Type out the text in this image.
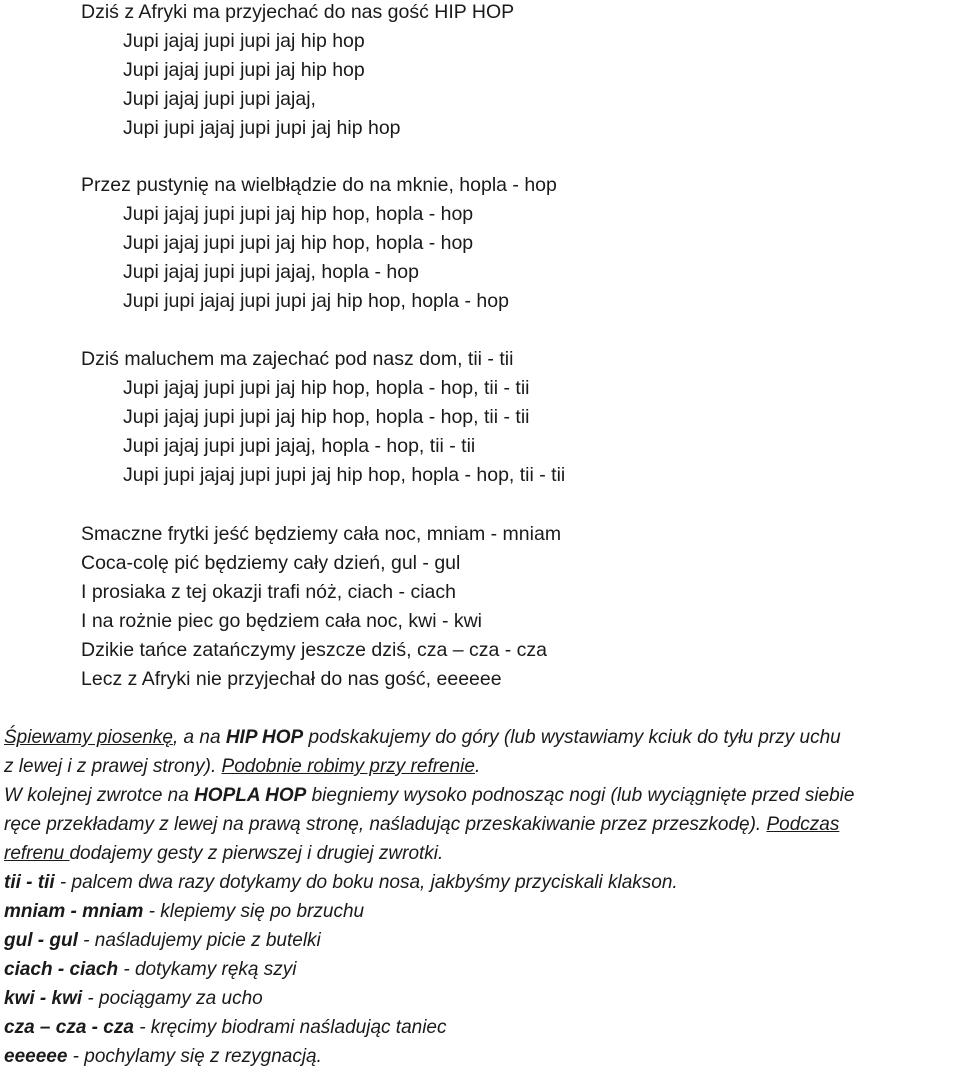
Dziś z Afryki ma przyjechać do nas gość HIP HOP
Jupi jajaj jupi jupi jaj hip hop
Jupi jajaj jupi jupi jaj hip hop
Jupi jajaj jupi jupi jajaj,
Jupi jupi jajaj jupi jupi jaj hip hop
Przez pustynię na wielbłądzie do na mknie, hopla - hop
Jupi jajaj jupi jupi jaj hip hop, hopla - hop
Jupi jajaj jupi jupi jaj hip hop, hopla - hop
Jupi jajaj jupi jupi jajaj, hopla - hop
Jupi jupi jajaj jupi jupi jaj hip hop, hopla - hop
Dziś maluchem ma zajechać pod nasz dom, tii - tii
Jupi jajaj jupi jupi jaj hip hop, hopla - hop, tii - tii
Jupi jajaj jupi jupi jaj hip hop, hopla - hop, tii - tii
Jupi jajaj jupi jupi jajaj, hopla - hop, tii - tii
Jupi jupi jajaj jupi jupi jaj hip hop, hopla - hop, tii - tii
Smaczne frytki jeść będziemy cała noc, mniam - mniam
Coca-colę pić będziemy cały dzień, gul - gul
I prosiaka z tej okazji trafi nóż, ciach - ciach
I na rożnie piec go będziem cała noc, kwi - kwi
Dzikie tańce zatańczymy jeszcze dziś, cza – cza - cza
Lecz z Afryki nie przyjechał do nas gość, eeeeee
Śpiewamy piosenkę, a na HIP HOP podskakujemy do góry (lub wystawiamy kciuk do tyłu przy uchu
z lewej i z prawej strony). Podobnie robimy przy refrenie.
W kolejnej zwrotce na HOPLA HOP biegniemy wysoko podnosząc nogi (lub wyciągnięte przed siebie
ręce przekładamy z lewej na prawą stronę, naśladując przeskakiwanie przez przeszkodę). Podczas
refrenu dodajemy gesty z pierwszej i drugiej zwrotki.
tii - tii - palcem dwa razy dotykamy do boku nosa, jakbyśmy przyciskali klakson.
mniam - mniam - klepiemy się po brzuchu
gul - gul - naśladujemy picie z butelki
ciach - ciach - dotykamy ręką szyi
kwi - kwi - pociągamy za ucho
cza – cza - cza - kręcimy biodrami naśladując taniec
eeeeee - pochylamy się z rezygnacją.
